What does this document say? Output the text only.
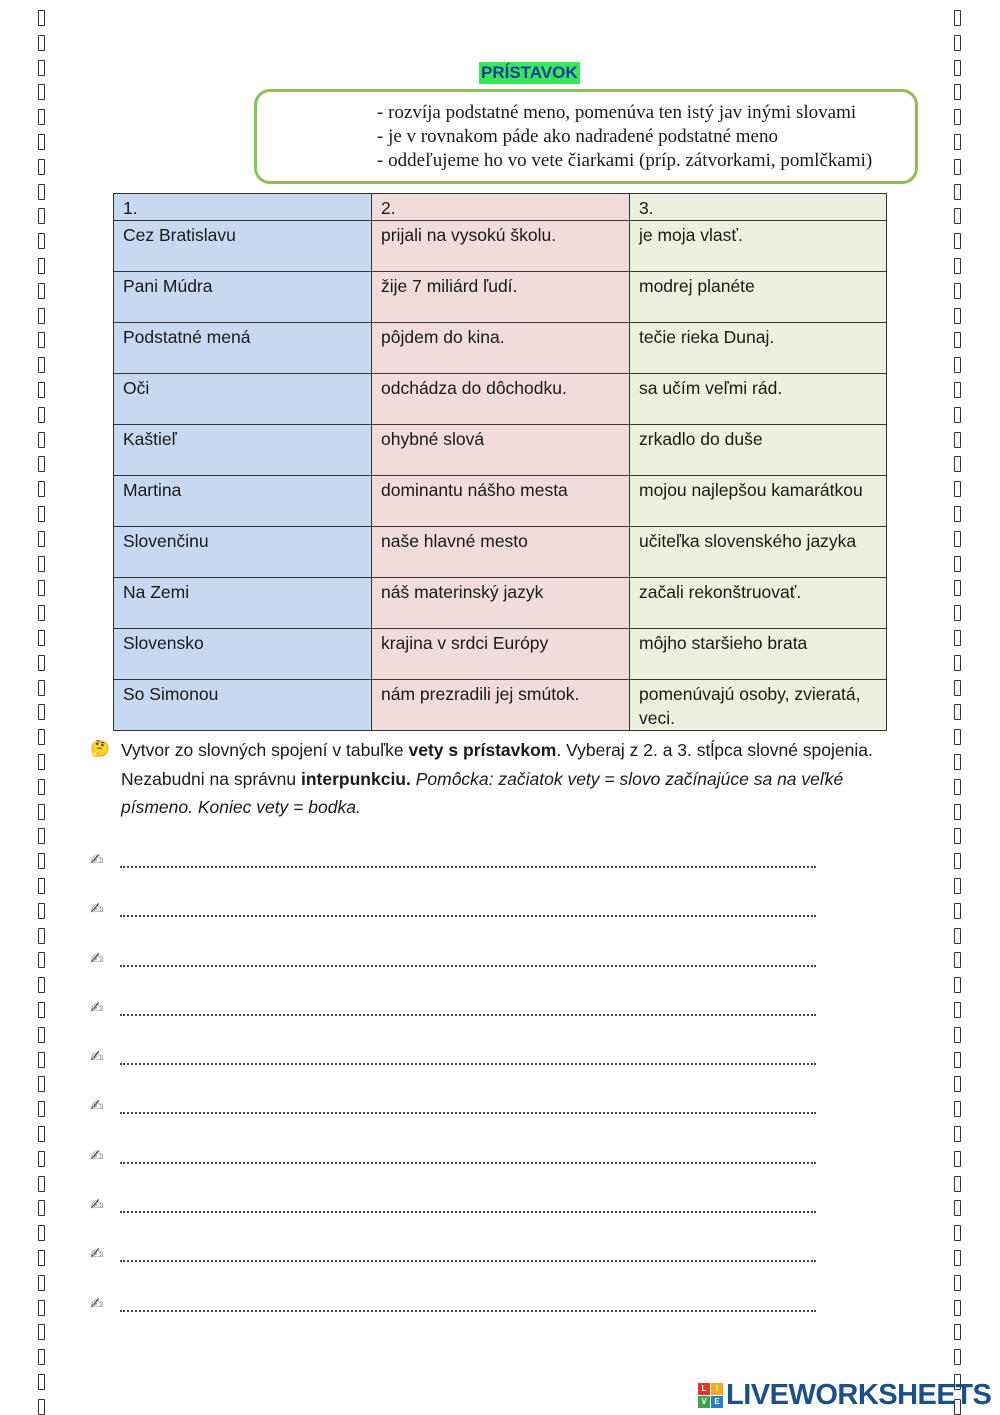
PRÍSTAVOK
- rozvíja podstatné meno, pomenúva ten istý jav inými slovami
- je v rovnakom páde ako nadradené podstatné meno
- oddeľujeme ho vo vete čiarkami (príp. zátvorkami, pomlčkami)
1.	2.	3.
Cez Bratislavu	prijali na vysokú školu.	je moja vlasť.
Pani Múdra	žije 7 miliárd ľudí.	modrej planéte
Podstatné mená	pôjdem do kina.	tečie rieka Dunaj.
Oči	odchádza do dôchodku.	sa učím veľmi rád.
Kaštieľ	ohybné slová	zrkadlo do duše
Martina	dominantu nášho mesta	mojou najlepšou kamarátkou
Slovenčinu	naše hlavné mesto	učiteľka slovenského jazyka
Na Zemi	náš materinský jazyk	začali rekonštruovať.
Slovensko	krajina v srdci Európy	môjho staršieho brata
So Simonou	nám prezradili jej smútok.	pomenúvajú osoby, zvieratá, veci.
🤔 Vytvor zo slovných spojení v tabuľke vety s prístavkom. Vyberaj z 2. a 3. stĺpca slovné spojenia. Nezabudni na správnu interpunkciu. Pomôcka: začiatok vety = slovo začínajúce sa na veľké písmeno. Koniec vety = bodka.
✍
✍
✍
✍
✍
✍
✍
✍
✍
✍
L	I
V E LIVEWORKSHEETS
